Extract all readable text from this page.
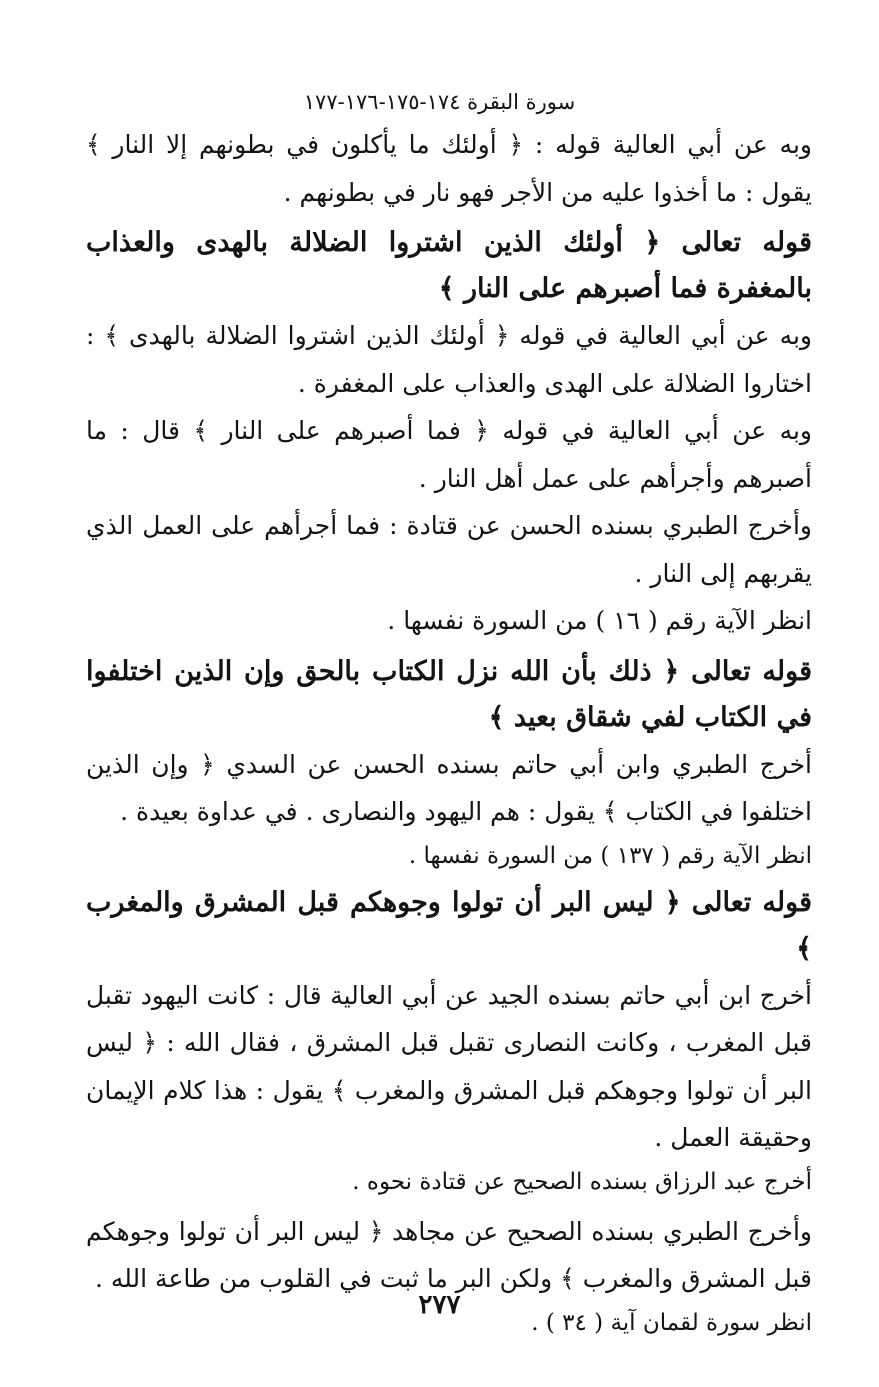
سورة البقرة ١٧٤-١٧٥-١٧٦-١٧٧

وبه عن أبي العالية قوله : ﴿ أولئك ما يأكلون في بطونهم إلا النار ﴾ يقول : ما أخذوا عليه من الأجر فهو نار في بطونهم .

قوله تعالى ﴿ أولئك الذين اشتروا الضلالة بالهدى والعذاب بالمغفرة فما أصبرهم على النار ﴾

وبه عن أبي العالية في قوله ﴿ أولئك الذين اشتروا الضلالة بالهدى ﴾ : اختاروا الضلالة على الهدى والعذاب على المغفرة .

وبه عن أبي العالية في قوله ﴿ فما أصبرهم على النار ﴾ قال : ما أصبرهم وأجرأهم على عمل أهل النار .

وأخرج الطبري بسنده الحسن عن قتادة : فما أجرأهم على العمل الذي يقربهم إلى النار .

انظر الآية رقم ( ١٦ ) من السورة نفسها .

قوله تعالى ﴿ ذلك بأن الله نزل الكتاب بالحق وإن الذين اختلفوا في الكتاب لفي شقاق بعيد ﴾

أخرج الطبري وابن أبي حاتم بسنده الحسن عن السدي ﴿ وإن الذين اختلفوا في الكتاب ﴾ يقول : هم اليهود والنصارى . في عداوة بعيدة .

انظر الآية رقم ( ١٣٧ ) من السورة نفسها .

قوله تعالى ﴿ ليس البر أن تولوا وجوهكم قبل المشرق والمغرب ﴾

أخرج ابن أبي حاتم بسنده الجيد عن أبي العالية قال : كانت اليهود تقبل قبل المغرب ، وكانت النصارى تقبل قبل المشرق ، فقال الله : ﴿ ليس البر أن تولوا وجوهكم قبل المشرق والمغرب ﴾ يقول : هذا كلام الإيمان وحقيقة العمل .

أخرج عبد الرزاق بسنده الصحيح عن قتادة نحوه .

وأخرج الطبري بسنده الصحيح عن مجاهد ﴿ ليس البر أن تولوا وجوهكم قبل المشرق والمغرب ﴾ ولكن البر ما ثبت في القلوب من طاعة الله .

انظر سورة لقمان آية ( ٣٤ ) .

٢٧٧
